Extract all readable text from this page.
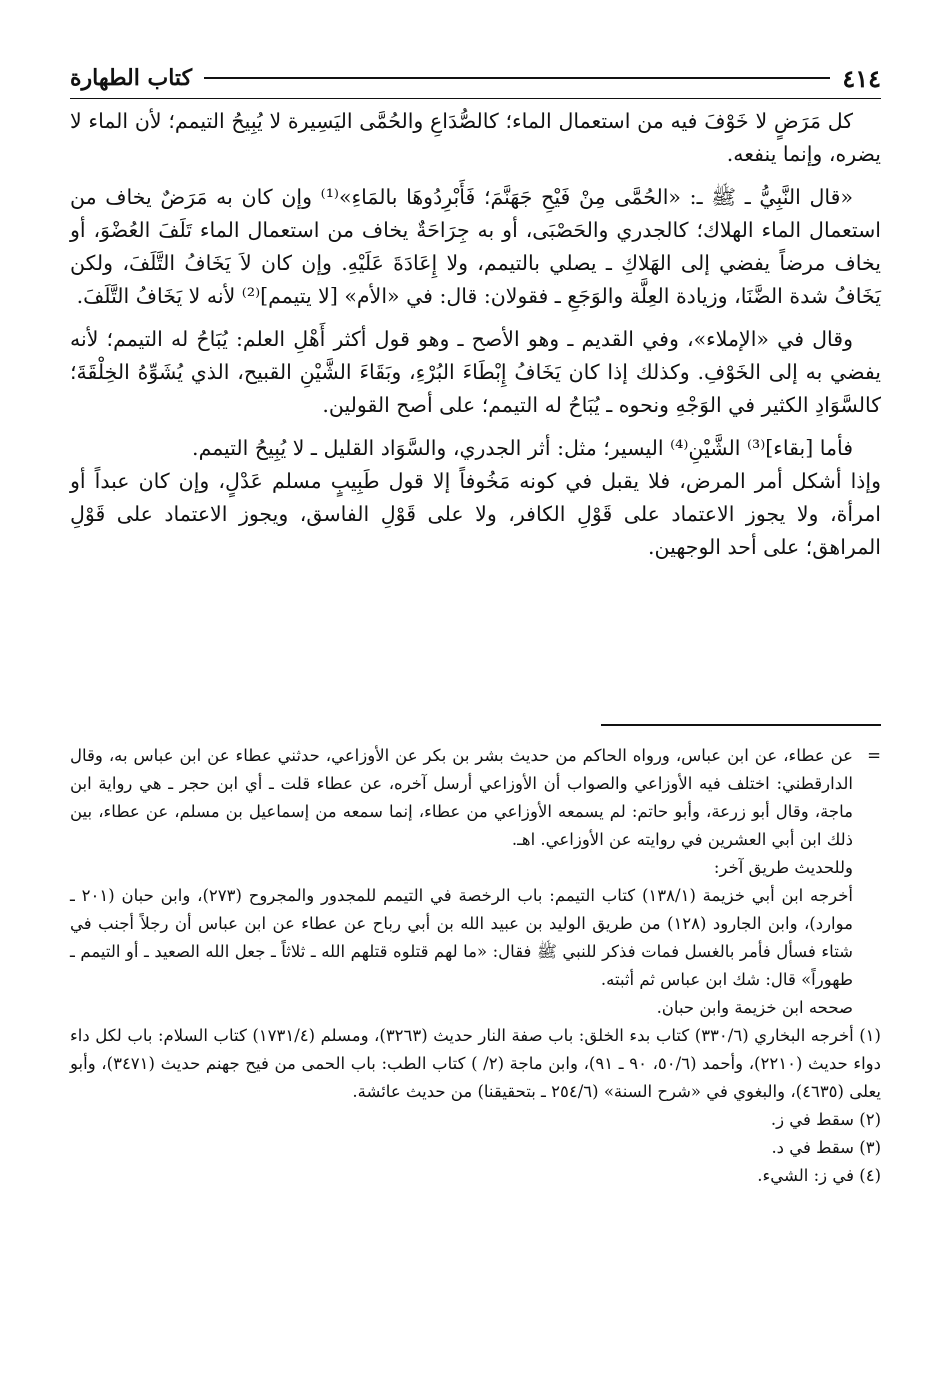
٤١٤
كتاب الطهارة

كل مَرَضٍ لا خَوْفَ فيه من استعمال الماء؛ كالصُّدَاعِ والحُمَّى اليَسِيرة لا يُبِيحُ التيمم؛ لأن الماء لا يضره، وإنما ينفعه.

«قال النَّبِيُّ ـ ﷺ ـ: «الحُمَّى مِنْ فَيْحِ جَهَنَّمَ؛ فَأَبْرِدُوهَا بالمَاءِ»⁽¹⁾ وإن كان به مَرَضٌ يخاف من استعمال الماء الهلاك؛ كالجدري والحَصْبَى، أو به جِرَاحَةٌ يخاف من استعمال الماء تَلَفَ العُضْوَ، أو يخاف مرضاً يفضي إلى الهَلاكِ ـ يصلي بالتيمم، ولا إِعَادَةَ عَلَيْهِ. وإن كان لاَ يَخَافُ التَّلَفَ، ولكن يَخَافُ شدة الضَّنَا، وزيادة العِلَّة والوَجَعِ ـ فقولان: قال: في «الأم» [لا يتيمم]⁽²⁾ لأنه لا يَخَافُ التَّلَفَ.

وقال في «الإملاء»، وفي القديم ـ وهو الأصح ـ وهو قول أكثر أَهْلِ العلم: يُبَاحُ له التيمم؛ لأنه يفضي به إلى الخَوْفِ. وكذلك إذا كان يَخَافُ إِبْطَاءَ البُرْءِ، وبَقَاءَ الشَّيْنِ القبيح، الذي يُشَوِّهُ الخِلْقَةَ؛ كالسَّوَادِ الكثير في الوَجْهِ ونحوه ـ يُبَاحُ له التيمم؛ على أصح القولين.

فأما [بقاء]⁽³⁾ الشَّيْنِ⁽⁴⁾ اليسير؛ مثل: أثر الجدري، والسَّوَاد القليل ـ لا يُبِيحُ التيمم.

وإذا أشكل أمر المرض، فلا يقبل في كونه مَخُوفاً إلا قول طَبِيبٍ مسلم عَدْلٍ، وإن كان عبداً أو امرأة، ولا يجوز الاعتماد على قَوْلِ الكافر، ولا على قَوْلِ الفاسق، ويجوز الاعتماد على قَوْلِ المراهق؛ على أحد الوجهين.

=

عن عطاء، عن ابن عباس، ورواه الحاكم من حديث بشر بن بكر عن الأوزاعي، حدثني عطاء عن ابن عباس به، وقال الدارقطني: اختلف فيه الأوزاعي والصواب أن الأوزاعي أرسل آخره، عن عطاء قلت ـ أي ابن حجر ـ هي رواية ابن ماجة، وقال أبو زرعة، وأبو حاتم: لم يسمعه الأوزاعي من عطاء، إنما سمعه من إسماعيل بن مسلم، عن عطاء، بين ذلك ابن أبي العشرين في روايته عن الأوزاعي. اهـ.

وللحديث طريق آخر:

أخرجه ابن أبي خزيمة (١٣٨/١) كتاب التيمم: باب الرخصة في التيمم للمجدور والمجروح (٢٧٣)، وابن حبان (٢٠١ ـ موارد)، وابن الجارود (١٢٨) من طريق الوليد بن عبيد الله بن أبي رباح عن عطاء عن ابن عباس أن رجلاً أجنب في شتاء فسأل فأمر بالغسل فمات فذكر للنبي ﷺ فقال: «ما لهم قتلوه قتلهم الله ـ ثلاثاً ـ جعل الله الصعيد ـ أو التيمم ـ طهوراً» قال: شك ابن عباس ثم أثبته.

صححه ابن خزيمة وابن حبان.

(١) أخرجه البخاري (٣٣٠/٦) كتاب بدء الخلق: باب صفة النار حديث (٣٢٦٣)، ومسلم (١٧٣١/٤) كتاب السلام: باب لكل داء دواء حديث (٢٢١٠)، وأحمد (٥٠/٦، ٩٠ ـ ٩١)، وابن ماجة (٢/ ) كتاب الطب: باب الحمى من فيح جهنم حديث (٣٤٧١)، وأبو يعلى (٤٦٣٥)، والبغوي في «شرح السنة» (٢٥٤/٦ ـ بتحقيقنا) من حديث عائشة.

(٢) سقط في ز.

(٣) سقط في د.

(٤) في ز: الشيء.
